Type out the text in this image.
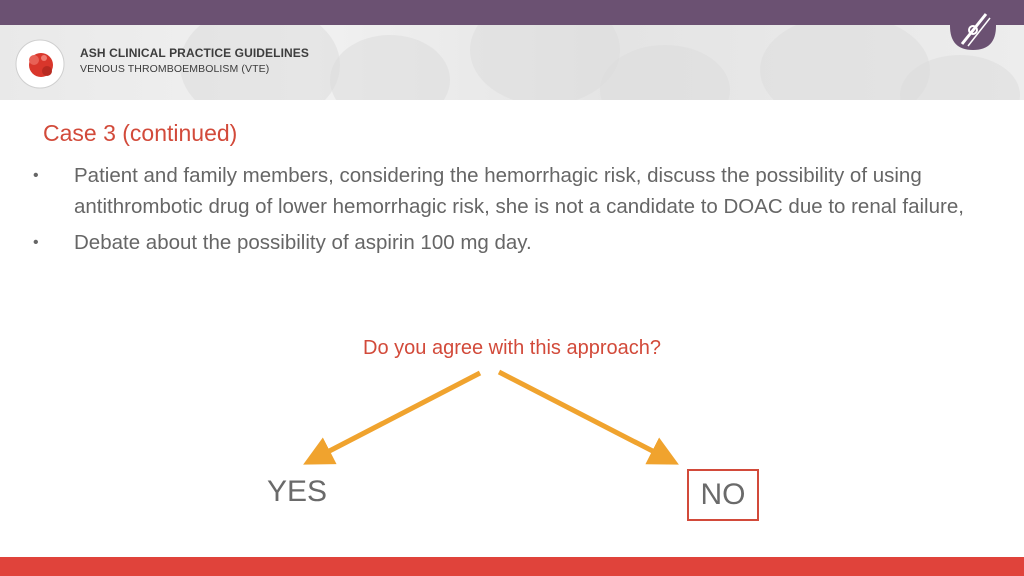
ASH CLINICAL PRACTICE GUIDELINES
VENOUS THROMBOEMBOLISM (VTE)
Case 3 (continued)
• Patient and family members, considering the hemorrhagic risk, discuss the possibility of using antithrombotic drug of lower hemorrhagic risk, she is not a candidate to DOAC due to renal failure,
• Debate about the possibility of aspirin 100 mg day.
Do you agree with this approach?
YES	NO
